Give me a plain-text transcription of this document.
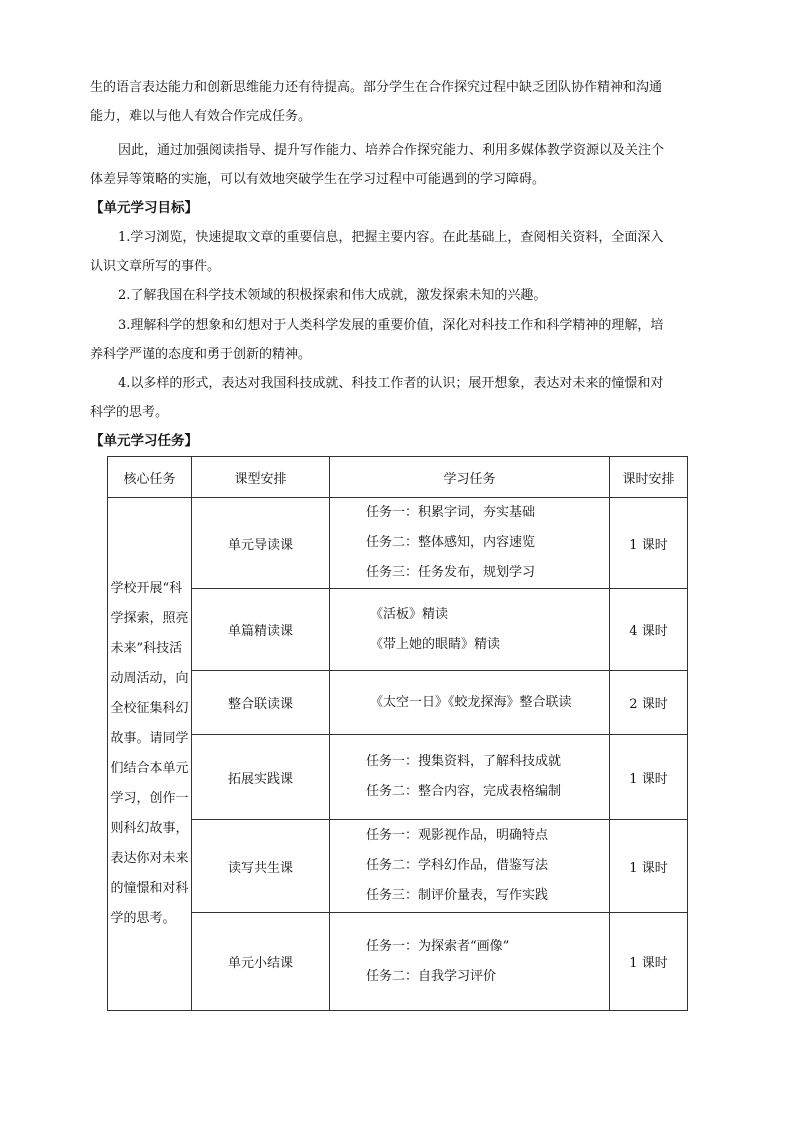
生的语言表达能力和创新思维能力还有待提高。部分学生在合作探究过程中缺乏团队协作精神和沟通
能力，难以与他人有效合作完成任务。

因此，通过加强阅读指导、提升写作能力、培养合作探究能力、利用多媒体教学资源以及关注个
体差异等策略的实施，可以有效地突破学生在学习过程中可能遇到的学习障碍。

【单元学习目标】

1.学习浏览，快速提取文章的重要信息，把握主要内容。在此基础上，查阅相关资料，全面深入
认识文章所写的事件。

2.了解我国在科学技术领域的积极探索和伟大成就，激发探索未知的兴趣。

3.理解科学的想象和幻想对于人类科学发展的重要价值，深化对科技工作和科学精神的理解，培
养科学严谨的态度和勇于创新的精神。

4.以多样的形式，表达对我国科技成就、科技工作者的认识；展开想象，表达对未来的憧憬和对
科学的思考。

【单元学习任务】
核心任务	课型安排	学习任务	课时安排

学校开展“科学探索，照亮未来”科技活动周活动，向全校征集科幻故事。请同学们结合本单元学习，创作一则科幻故事，表达你对未来的憧憬和对科学的思考。	单元导读课	任务一：积累字词，夯实基础
任务二：整体感知，内容速览
任务三：任务发布，规划学习	1 课时
	单篇精读课	《活板》精读
《带上她的眼睛》精读	4 课时
	整合联读课	《太空一日》《蛟龙探海》整合联读	2 课时
	拓展实践课	任务一：搜集资料，了解科技成就
任务二：整合内容，完成表格编制	1 课时
	读写共生课	任务一：观影视作品，明确特点
任务二：学科幻作品，借鉴写法
任务三：制评价量表，写作实践	1 课时
	单元小结课	任务一：为探索者“画像”
任务二：自我学习评价	1 课时
